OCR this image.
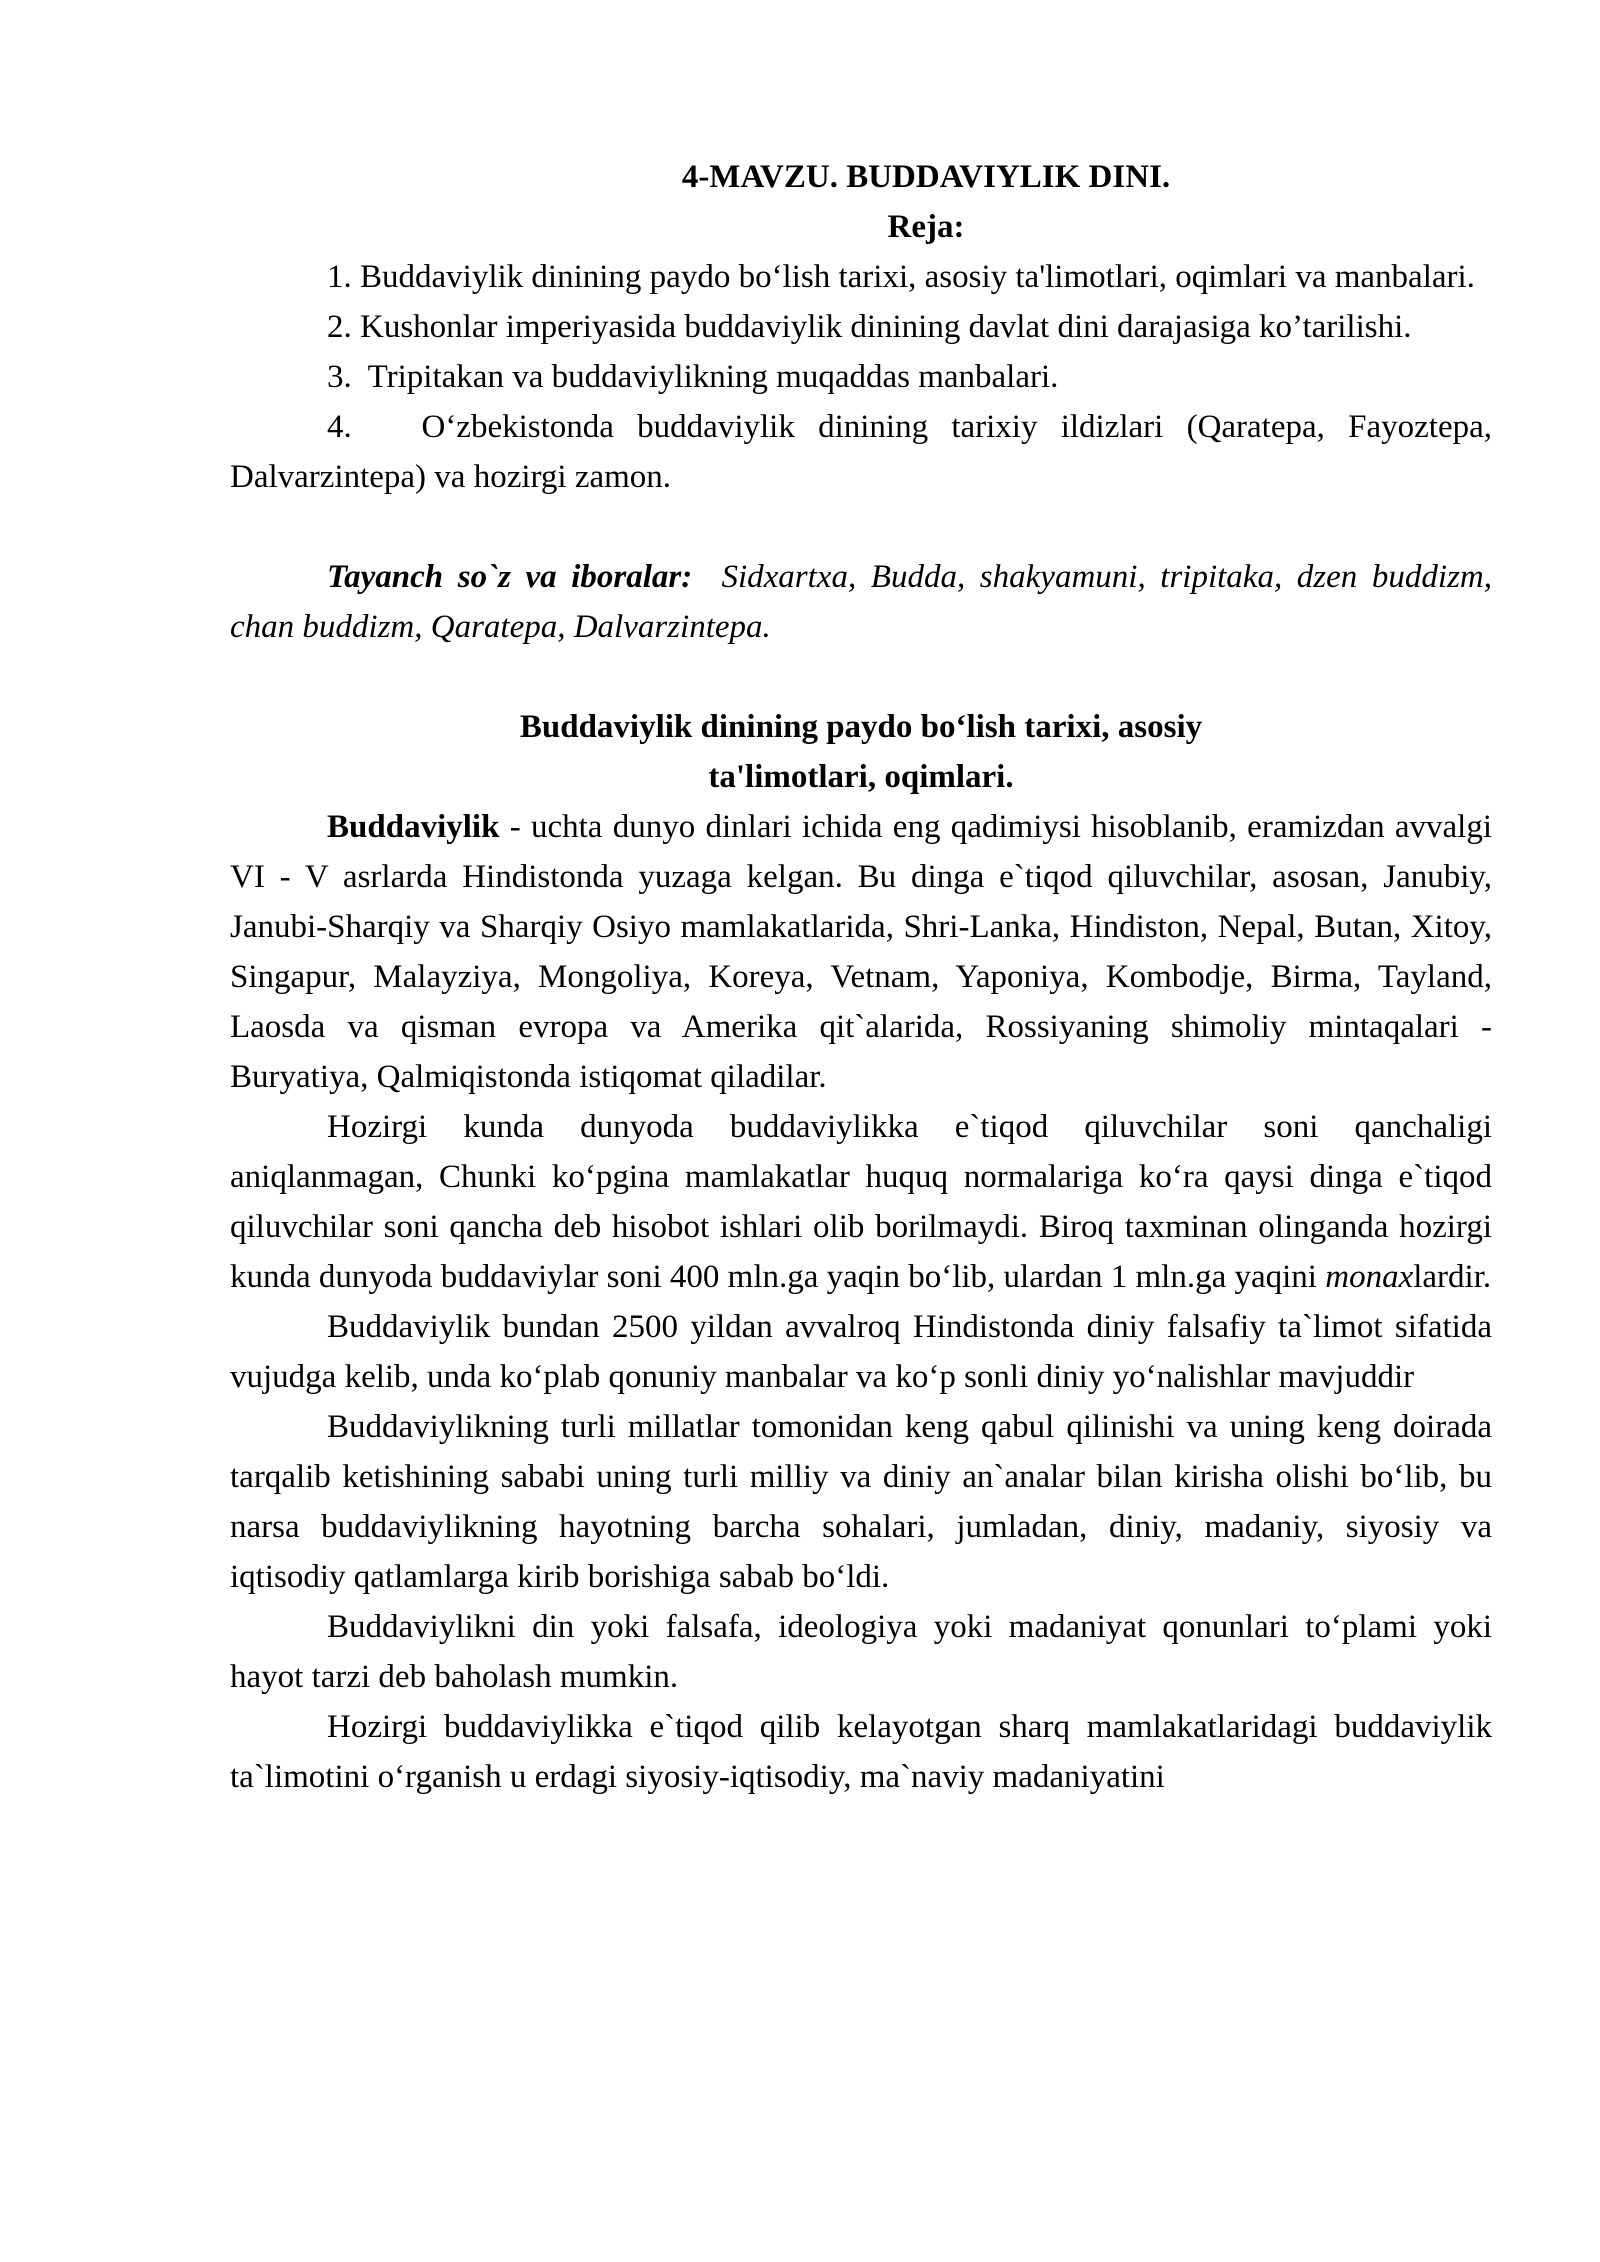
4-MAVZU. BUDDAVIYLIK DINI.

Reja:

1. Buddaviylik dinining paydo bo‘lish tarixi, asosiy ta'limotlari, oqimlari va manbalari.

2. Kushonlar imperiyasida buddaviylik dinining davlat dini darajasiga ko’tarilishi.

3. Tripitakan va buddaviylikning muqaddas manbalari.

4. O‘zbekistonda buddaviylik dinining tarixiy ildizlari (Qaratepa, Fayoztepa, Dalvarzintepa) va hozirgi zamon.

Tayanch so`z va iboralar: Sidxartxa, Budda, shakyamuni, tripitaka, dzen buddizm, chan buddizm, Qaratepa, Dalvarzintepa.

Buddaviylik dinining paydo bo‘lish tarixi, asosiy

ta'limotlari, oqimlari.

Buddaviylik - uchta dunyo dinlari ichida eng qadimiysi hisoblanib, eramizdan avvalgi VI - V asrlarda Hindistonda yuzaga kelgan. Bu dinga e`tiqod qiluvchilar, asosan, Janubiy, Janubi-Sharqiy va Sharqiy Osiyo mamlakatlarida, Shri-Lanka, Hindiston, Nepal, Butan, Xitoy, Singapur, Malayziya, Mongoliya, Koreya, Vetnam, Yaponiya, Kombodje, Birma, Tayland, Laosda va qisman evropa va Amerika qit`alarida, Rossiyaning shimoliy mintaqalari - Buryatiya, Qalmiqistonda istiqomat qiladilar.

Hozirgi kunda dunyoda buddaviylikka e`tiqod qiluvchilar soni qanchaligi aniqlanmagan, Chunki ko‘pgina mamlakatlar huquq normalariga ko‘ra qaysi dinga e`tiqod qiluvchilar soni qancha deb hisobot ishlari olib borilmaydi. Biroq taxminan olinganda hozirgi kunda dunyoda buddaviylar soni 400 mln.ga yaqin bo‘lib, ulardan 1 mln.ga yaqini monaxlardir.

Buddaviylik bundan 2500 yildan avvalroq Hindistonda diniy falsafiy ta`limot sifatida vujudga kelib, unda ko‘plab qonuniy manbalar va ko‘p sonli diniy yo‘nalishlar mavjuddir

Buddaviylikning turli millatlar tomonidan keng qabul qilinishi va uning keng doirada tarqalib ketishining sababi uning turli milliy va diniy an`analar bilan kirisha olishi bo‘lib, bu narsa buddaviylikning hayotning barcha sohalari, jumladan, diniy, madaniy, siyosiy va iqtisodiy qatlamlarga kirib borishiga sabab bo‘ldi.

Buddaviylikni din yoki falsafa, ideologiya yoki madaniyat qonunlari to‘plami yoki hayot tarzi deb baholash mumkin.

Hozirgi buddaviylikka e`tiqod qilib kelayotgan sharq mamlakatlaridagi buddaviylik ta`limotini o‘rganish u erdagi siyosiy-iqtisodiy, ma`naviy madaniyatini
